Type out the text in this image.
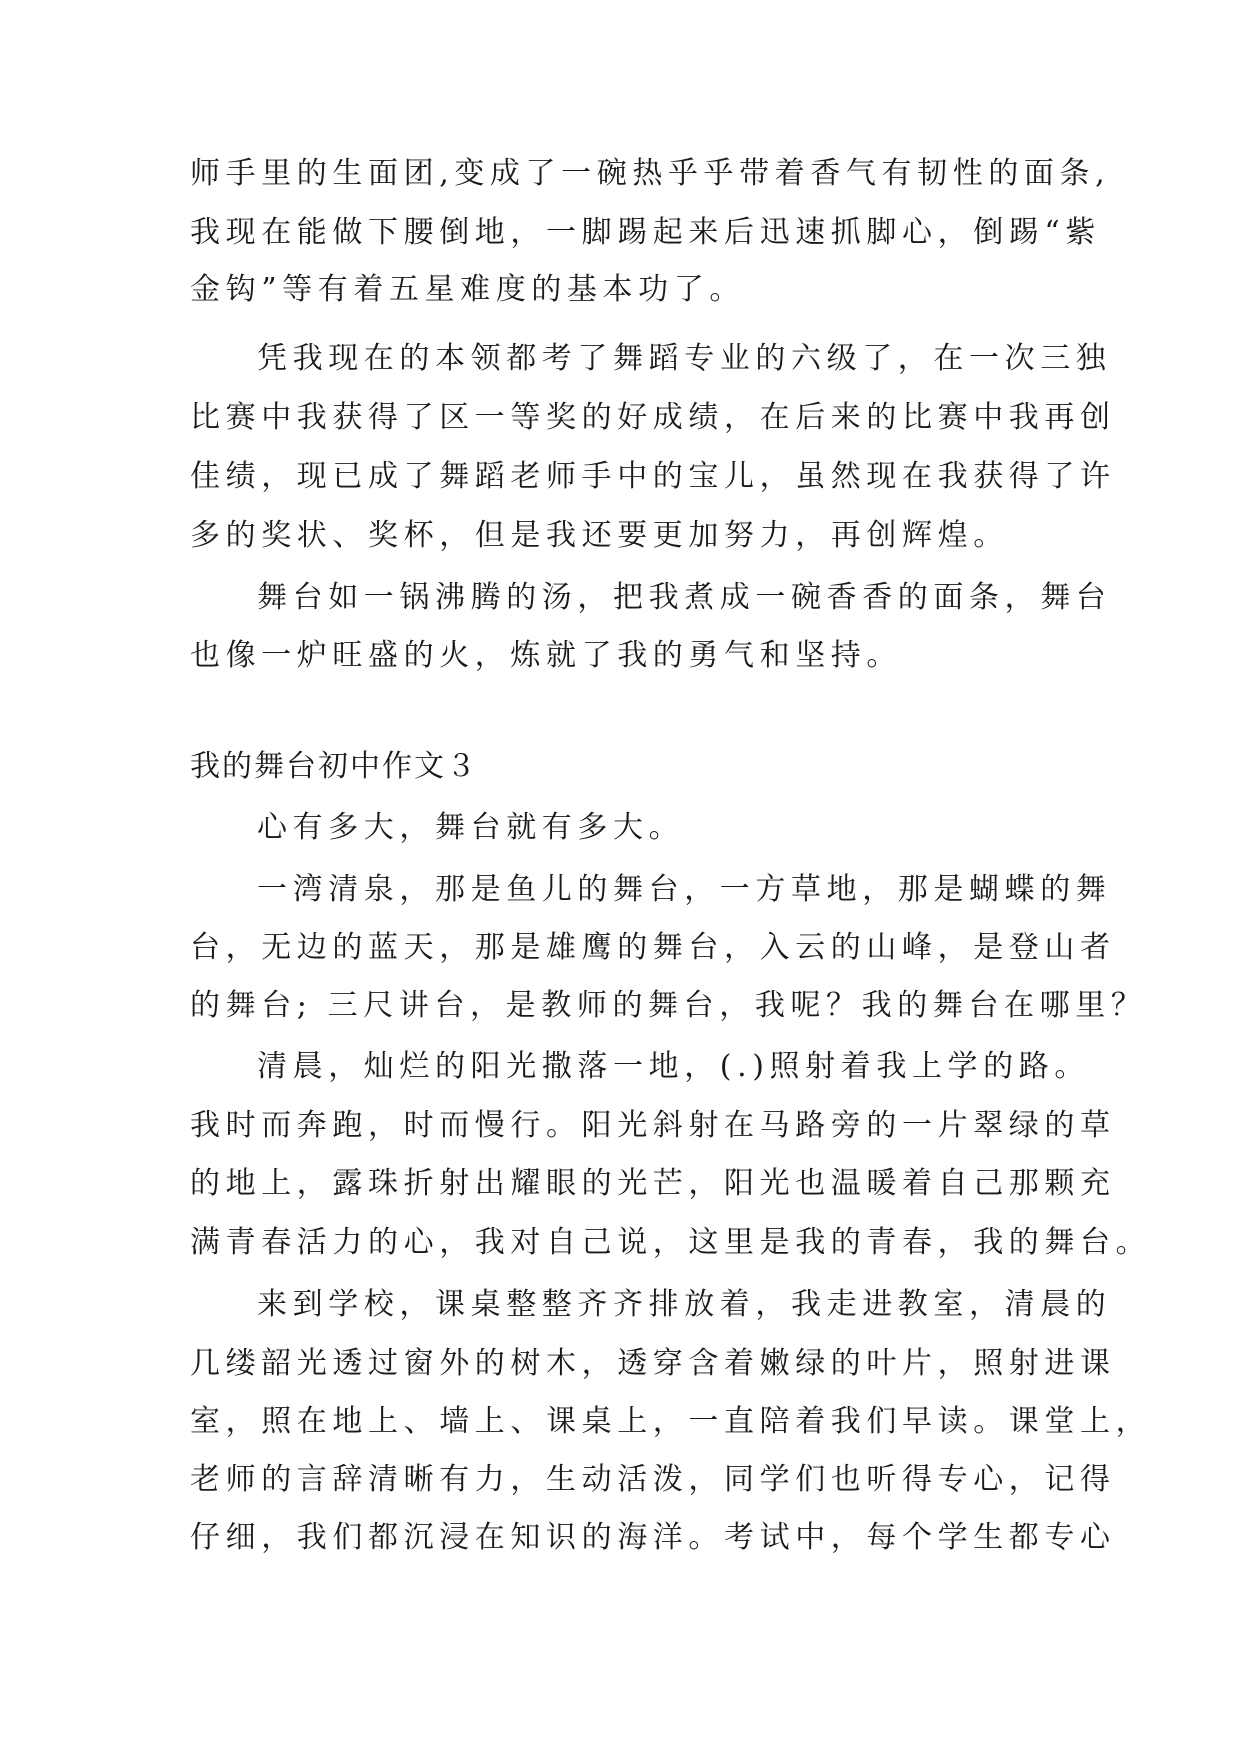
师手里的生面团,变成了一碗热乎乎带着香气有韧性的面条,
我现在能做下腰倒地，一脚踢起来后迅速抓脚心，倒踢“紫
金钩”等有着五星难度的基本功了。
凭我现在的本领都考了舞蹈专业的六级了，在一次三独
比赛中我获得了区一等奖的好成绩，在后来的比赛中我再创
佳绩，现已成了舞蹈老师手中的宝儿，虽然现在我获得了许
多的奖状、奖杯，但是我还要更加努力，再创辉煌。
舞台如一锅沸腾的汤，把我煮成一碗香香的面条，舞台
也像一炉旺盛的火，炼就了我的勇气和坚持。
我的舞台初中作文３
心有多大，舞台就有多大。
一湾清泉，那是鱼儿的舞台，一方草地，那是蝴蝶的舞
台，无边的蓝天，那是雄鹰的舞台，入云的山峰，是登山者
的舞台; 三尺讲台，是教师的舞台，我呢？我的舞台在哪里？
清晨，灿烂的阳光撒落一地，(.)照射着我上学的路。
我时而奔跑，时而慢行。阳光斜射在马路旁的一片翠绿的草
的地上，露珠折射出耀眼的光芒，阳光也温暖着自己那颗充
满青春活力的心，我对自己说，这里是我的青春，我的舞台。
来到学校，课桌整整齐齐排放着，我走进教室，清晨的
几缕韶光透过窗外的树木，透穿含着嫩绿的叶片，照射进课
室，照在地上、墙上、课桌上，一直陪着我们早读。课堂上，
老师的言辞清晰有力，生动活泼，同学们也听得专心，记得
仔细，我们都沉浸在知识的海洋。考试中，每个学生都专心
